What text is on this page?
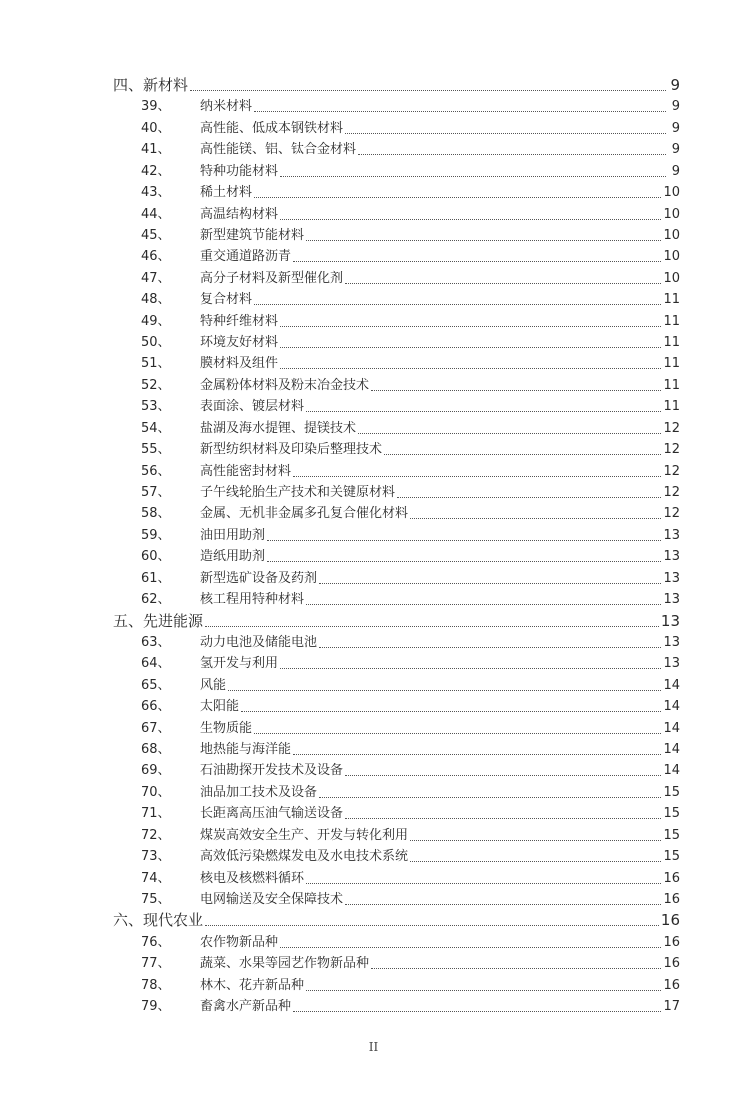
四、新材料	9
39、	纳米材料	9
40、	高性能、低成本钢铁材料	9
41、	高性能镁、铝、钛合金材料	9
42、	特种功能材料	9
43、	稀土材料	10
44、	高温结构材料	10
45、	新型建筑节能材料	10
46、	重交通道路沥青	10
47、	高分子材料及新型催化剂	10
48、	复合材料	11
49、	特种纤维材料	11
50、	环境友好材料	11
51、	膜材料及组件	11
52、	金属粉体材料及粉末冶金技术	11
53、	表面涂、镀层材料	11
54、	盐湖及海水提锂、提镁技术	12
55、	新型纺织材料及印染后整理技术	12
56、	高性能密封材料	12
57、	子午线轮胎生产技术和关键原材料	12
58、	金属、无机非金属多孔复合催化材料	12
59、	油田用助剂	13
60、	造纸用助剂	13
61、	新型选矿设备及药剂	13
62、	核工程用特种材料	13
五、先进能源	13
63、	动力电池及储能电池	13
64、	氢开发与利用	13
65、	风能	14
66、	太阳能	14
67、	生物质能	14
68、	地热能与海洋能	14
69、	石油勘探开发技术及设备	14
70、	油品加工技术及设备	15
71、	长距离高压油气输送设备	15
72、	煤炭高效安全生产、开发与转化利用	15
73、	高效低污染燃煤发电及水电技术系统	15
74、	核电及核燃料循环	16
75、	电网输送及安全保障技术	16
六、现代农业	16
76、	农作物新品种	16
77、	蔬菜、水果等园艺作物新品种	16
78、	林木、花卉新品种	16
79、	畜禽水产新品种	17
II
